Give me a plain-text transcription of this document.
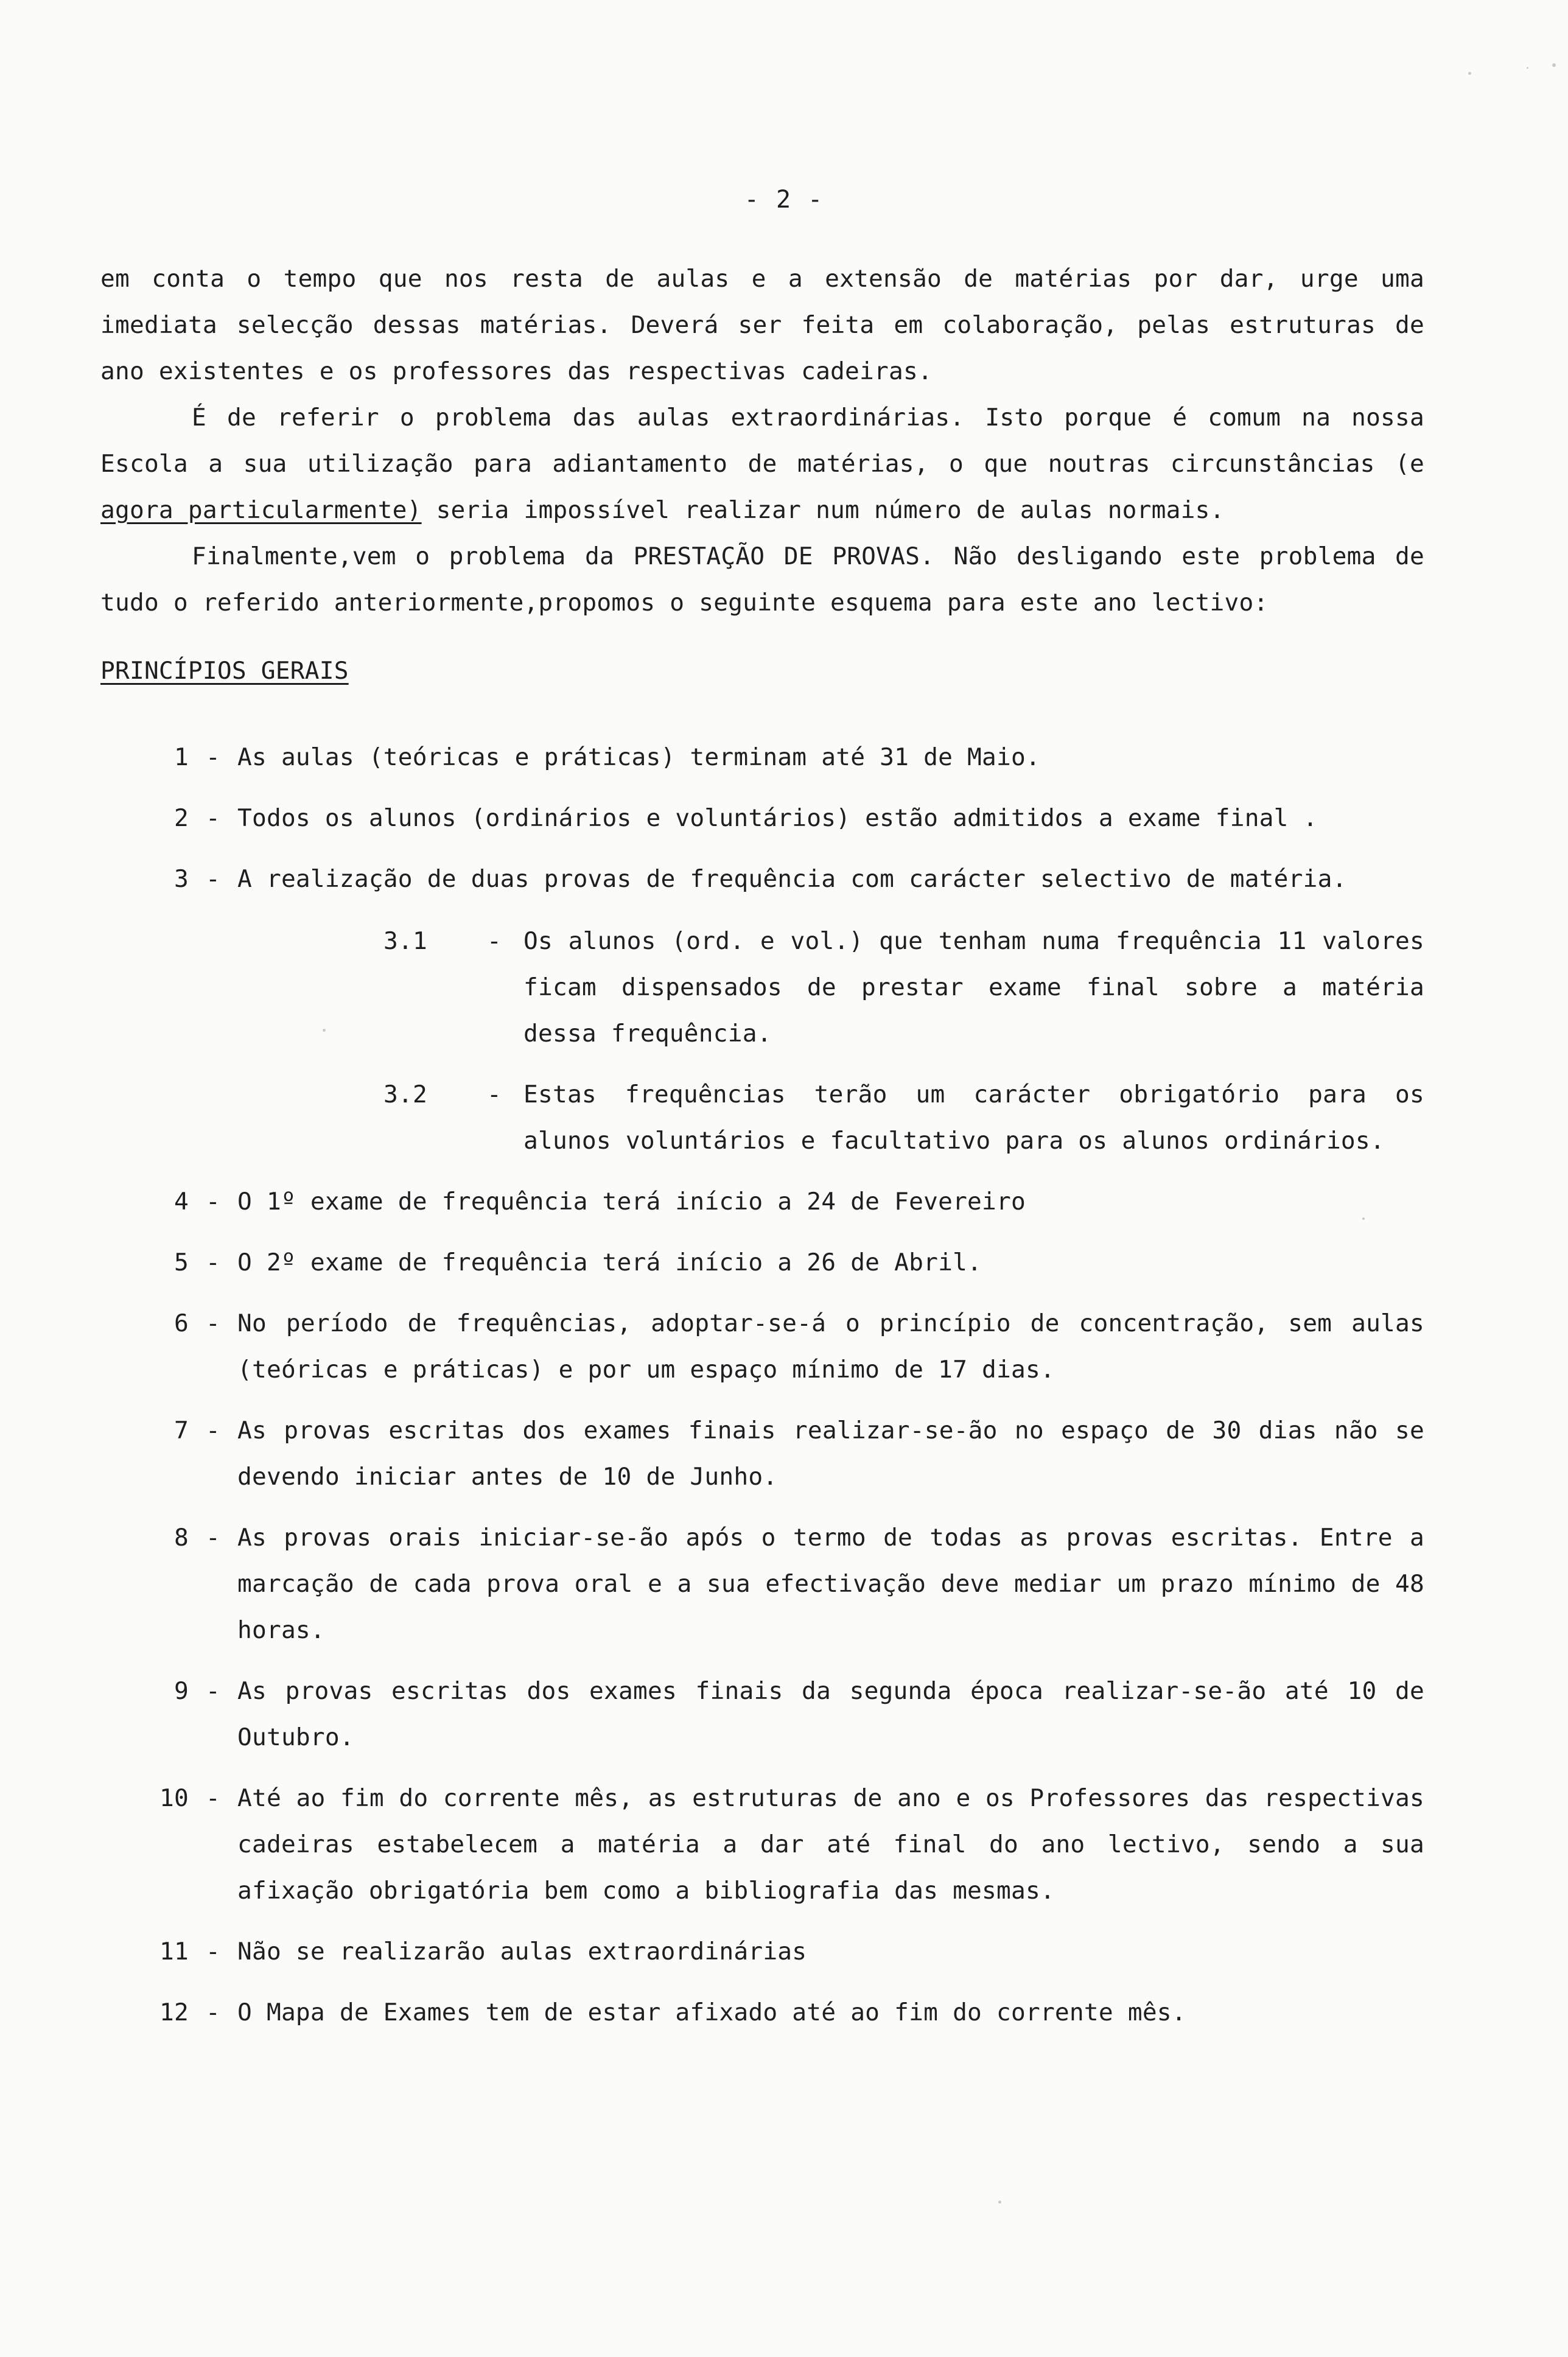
- 2 -

em conta o tempo que nos resta de aulas e a extensão de matérias por dar, urge uma imediata selecção dessas matérias. Deverá ser feita em colaboração, pelas estruturas de ano existentes e os professores das respectivas cadeiras.

É de referir o problema das aulas extraordinárias. Isto porque é comum na nossa Escola a sua utilização para adiantamento de matérias, o que noutras circunstâncias (e agora particularmente) seria impossível realizar num número de aulas normais.

Finalmente,vem o problema da PRESTAÇÃO DE PROVAS. Não desligando este problema de tudo o referido anteriormente,propomos o seguinte esquema para este ano lectivo:

PRINCÍPIOS GERAIS
1 - As aulas (teóricas e práticas) terminam até 31 de Maio.
2 - Todos os alunos (ordinários e voluntários) estão admitidos a exame final .
3 - A realização de duas provas de frequência com carácter selectivo de matéria.
3.1	- Os alunos (ord. e vol.) que tenham numa frequência 11 valores ficam dispensados de prestar exame final sobre a matéria dessa frequência.
3.2	- Estas frequências terão um carácter obrigatório para os alunos voluntários e facultativo para os alunos ordinários.
4 - O 1º exame de frequência terá início a 24 de Fevereiro
5 - O 2º exame de frequência terá início a 26 de Abril.
6 - No período de frequências, adoptar-se-á o princípio de concentração, sem aulas (teóricas e práticas) e por um espaço mínimo de 17 dias.
7 - As provas escritas dos exames finais realizar-se-ão no espaço de 30 dias não se devendo iniciar antes de 10 de Junho.
8 - As provas orais iniciar-se-ão após o termo de todas as provas escritas. Entre a marcação de cada prova oral e a sua efectivação deve mediar um prazo mínimo de 48 horas.
9 - As provas escritas dos exames finais da segunda época realizar-se-ão até 10 de Outubro.
10 - Até ao fim do corrente mês, as estruturas de ano e os Professores das respectivas cadeiras estabelecem a matéria a dar até final do ano lectivo, sendo a sua afixação obrigatória bem como a bibliografia das mesmas.
11 - Não se realizarão aulas extraordinárias
12 - O Mapa de Exames tem de estar afixado até ao fim do corrente mês.
